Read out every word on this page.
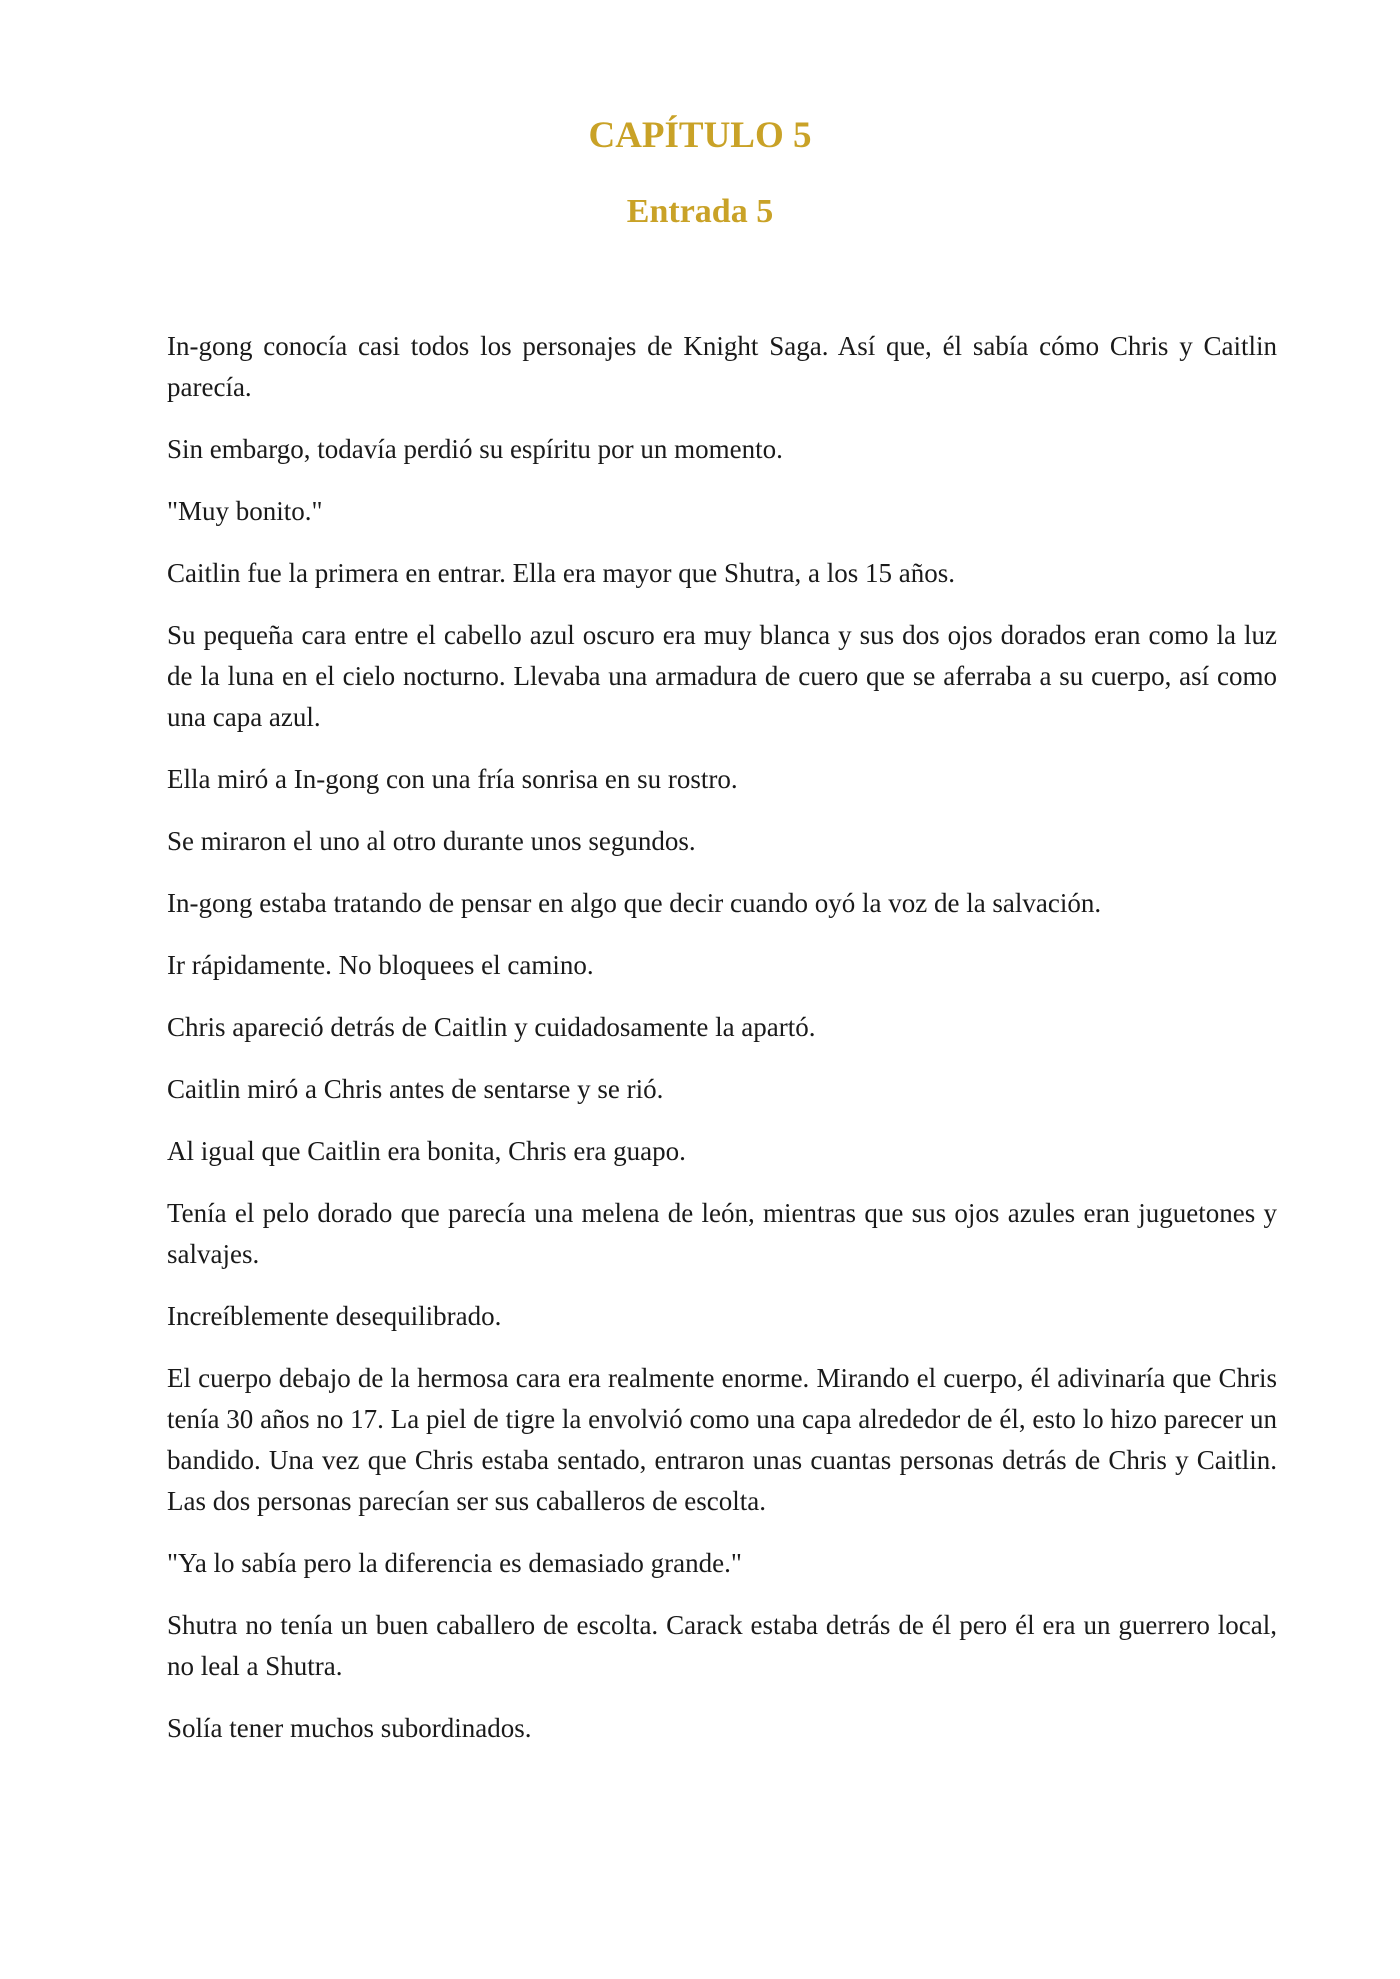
CAPÍTULO 5
Entrada 5

In-gong conocía casi todos los personajes de Knight Saga. Así que, él sabía cómo Chris y Caitlin parecía.

Sin embargo, todavía perdió su espíritu por un momento.

"Muy bonito."

Caitlin fue la primera en entrar. Ella era mayor que Shutra, a los 15 años.

Su pequeña cara entre el cabello azul oscuro era muy blanca y sus dos ojos dorados eran como la luz de la luna en el cielo nocturno. Llevaba una armadura de cuero que se aferraba a su cuerpo, así como una capa azul.

Ella miró a In-gong con una fría sonrisa en su rostro.

Se miraron el uno al otro durante unos segundos.

In-gong estaba tratando de pensar en algo que decir cuando oyó la voz de la salvación.

Ir rápidamente. No bloquees el camino.

Chris apareció detrás de Caitlin y cuidadosamente la apartó.

Caitlin miró a Chris antes de sentarse y se rió.

Al igual que Caitlin era bonita, Chris era guapo.

Tenía el pelo dorado que parecía una melena de león, mientras que sus ojos azules eran juguetones y salvajes.

Increíblemente desequilibrado.

El cuerpo debajo de la hermosa cara era realmente enorme. Mirando el cuerpo, él adivinaría que Chris tenía 30 años no 17. La piel de tigre la envolvió como una capa alrededor de él, esto lo hizo parecer un bandido. Una vez que Chris estaba sentado, entraron unas cuantas personas detrás de Chris y Caitlin. Las dos personas parecían ser sus caballeros de escolta.

"Ya lo sabía pero la diferencia es demasiado grande."

Shutra no tenía un buen caballero de escolta. Carack estaba detrás de él pero él era un guerrero local, no leal a Shutra.

Solía tener muchos subordinados.
